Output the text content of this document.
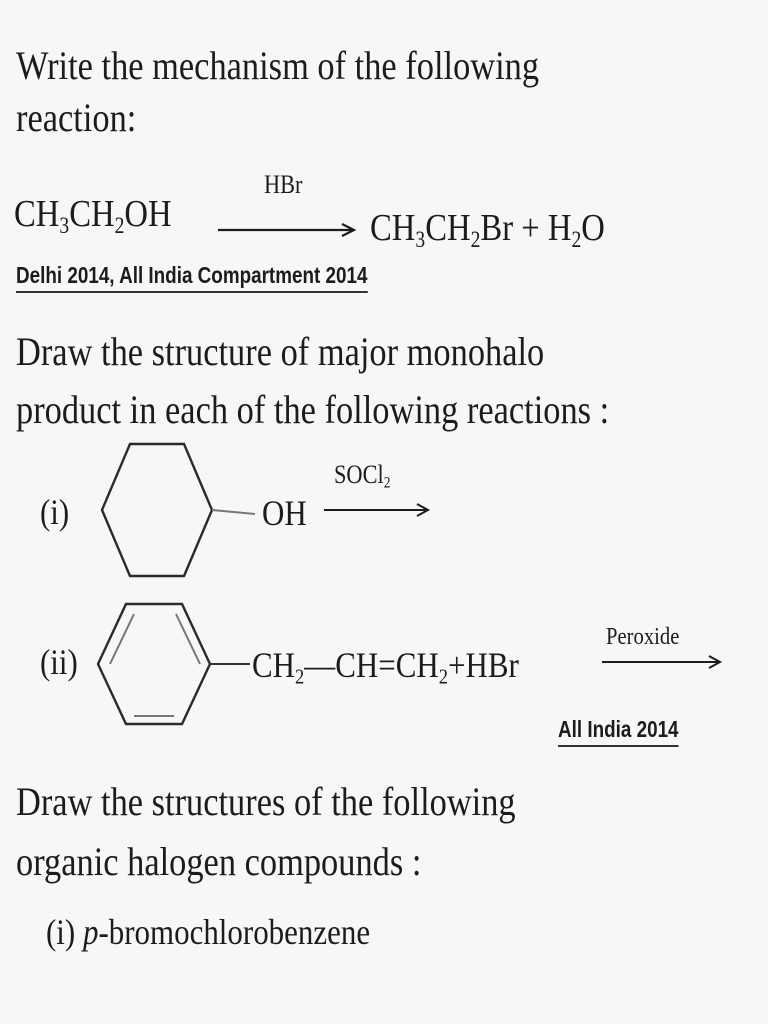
Write the mechanism of the following
reaction:
$CH_3CH_2OH$
HBr
$CH_3CH_2Br + H_2O$
Delhi 2014, All India Compartment 2014
Draw the structure of major monohalo
product in each of the following reactions :
(i)	OH
SOCl$_2$
(ii)	$CH_2—CH=CH_2+HBr$
Peroxide
All India 2014
Draw the structures of the following
organic halogen compounds :
(i) p-bromochlorobenzene
